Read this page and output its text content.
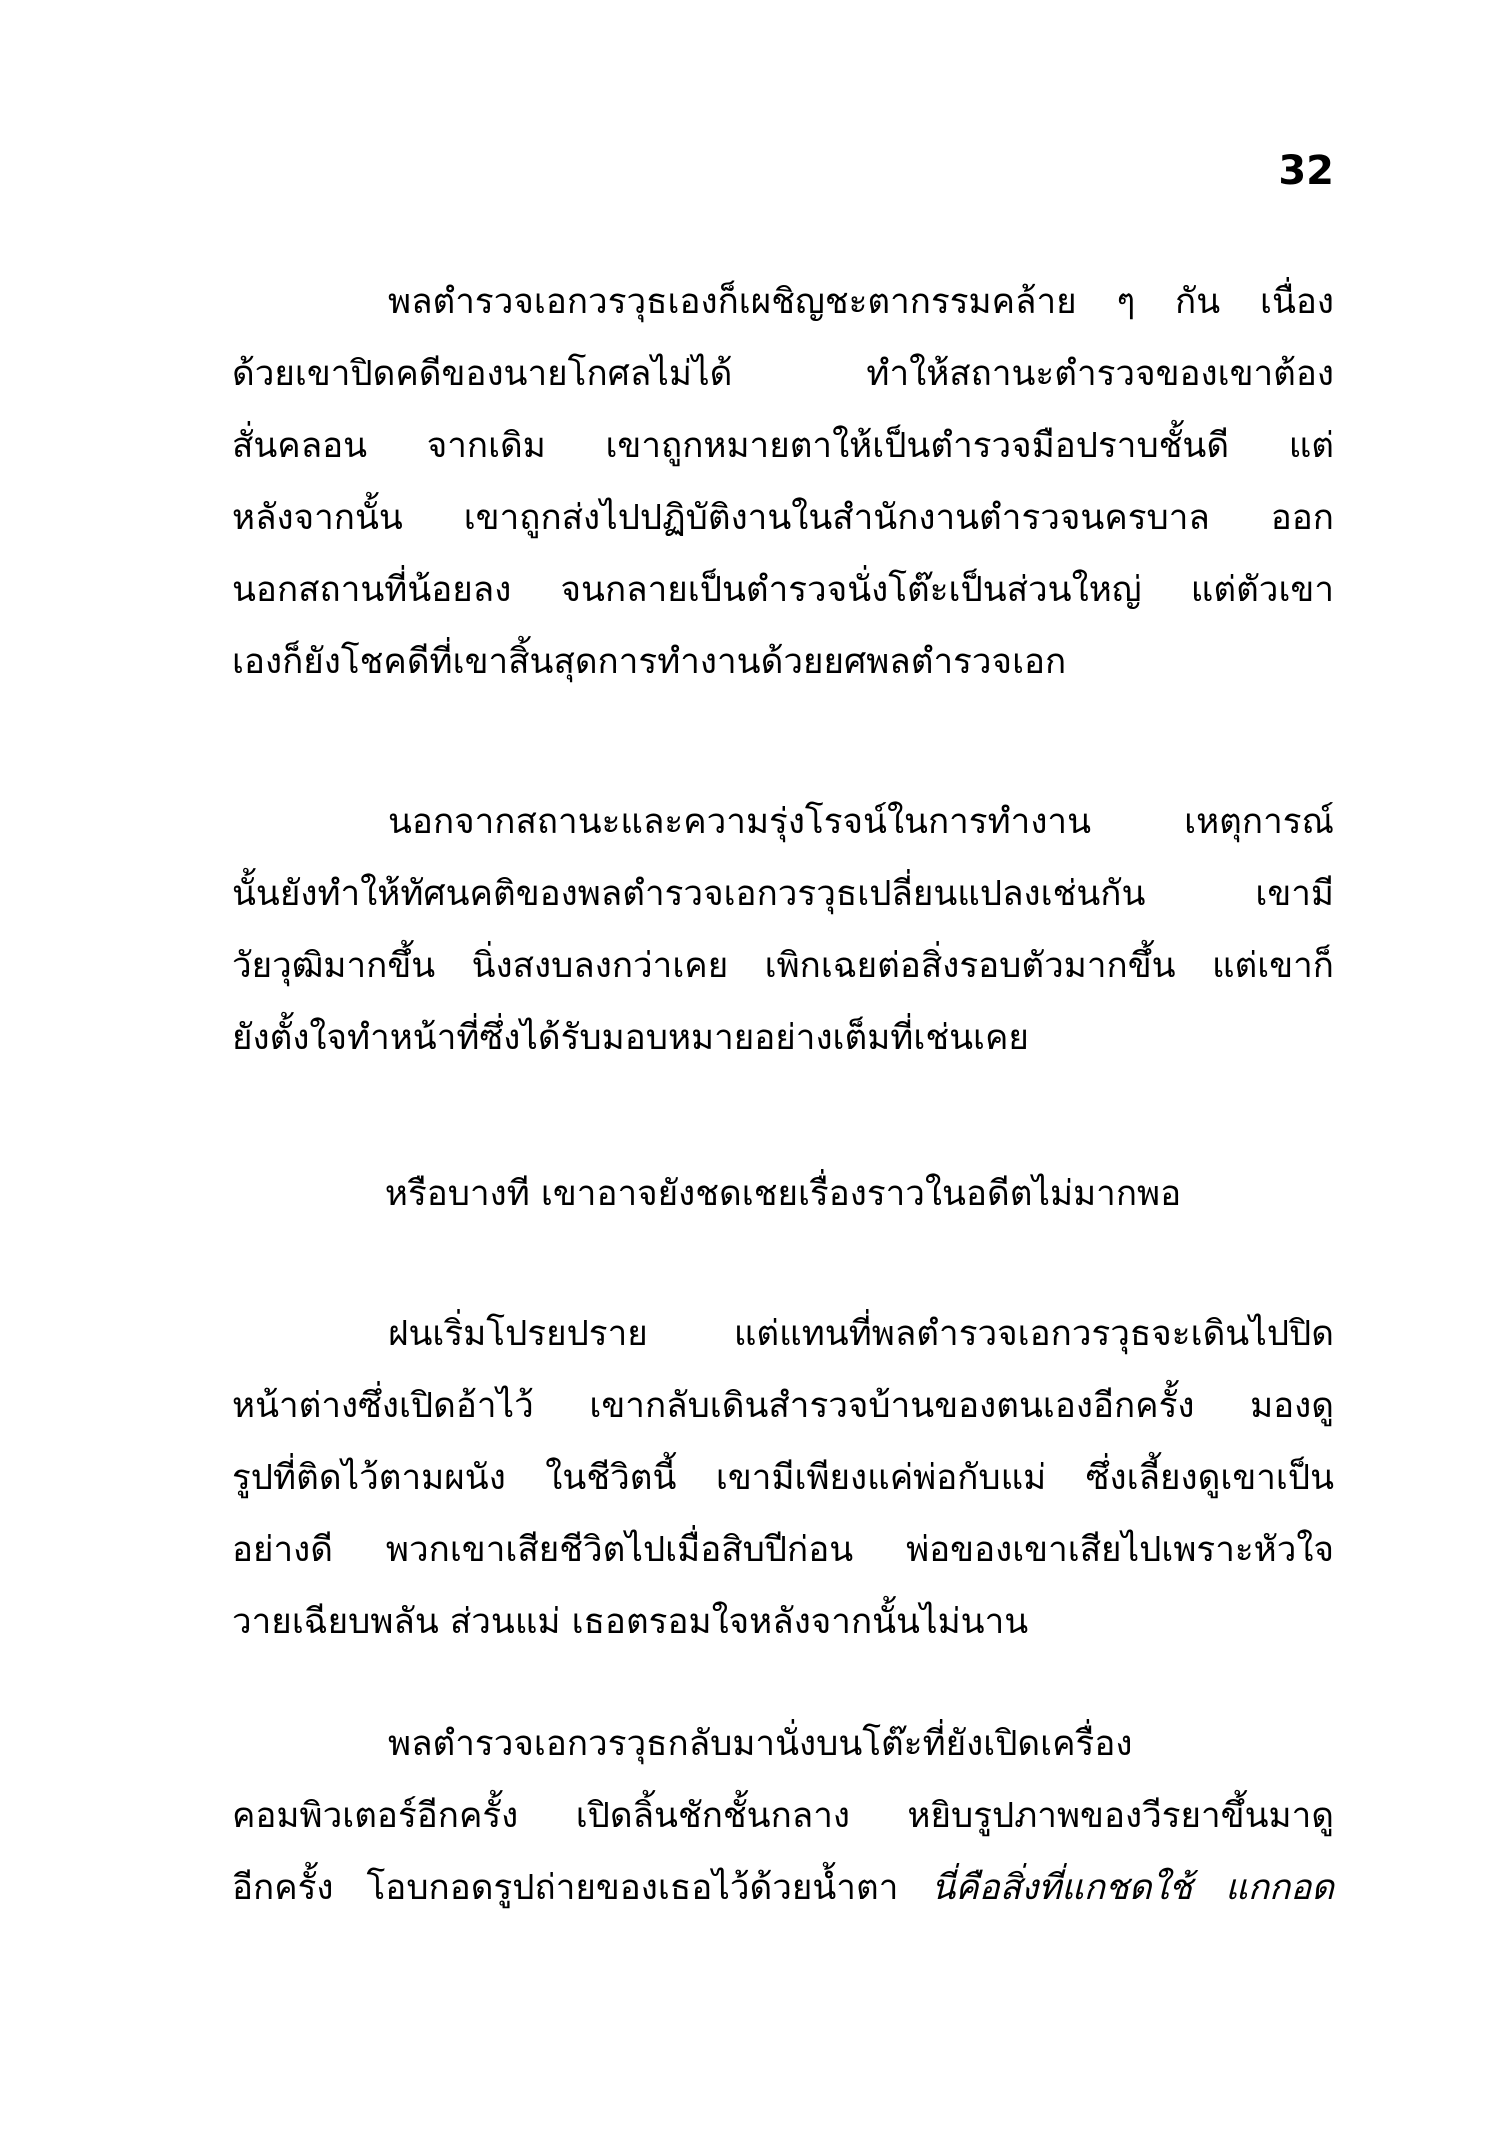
32
พลตำรวจเอกวรวุธเองก็เผชิญชะตากรรมคล้าย ๆ กัน เนื่อง
ด้วยเขาปิดคดีของนายโกศลไม่ได้ ทำให้สถานะตำรวจของเขาต้อง
สั่นคลอน จากเดิม เขาถูกหมายตาให้เป็นตำรวจมือปราบชั้นดี แต่
หลังจากนั้น เขาถูกส่งไปปฏิบัติงานในสำนักงานตำรวจนครบาล ออก
นอกสถานที่น้อยลง จนกลายเป็นตำรวจนั่งโต๊ะเป็นส่วนใหญ่ แต่ตัวเขา
เองก็ยังโชคดีที่เขาสิ้นสุดการทำงานด้วยยศพลตำรวจเอก
นอกจากสถานะและความรุ่งโรจน์ในการทำงาน เหตุการณ์
นั้นยังทำให้ทัศนคติของพลตำรวจเอกวรวุธเปลี่ยนแปลงเช่นกัน เขามี
วัยวุฒิมากขึ้น นิ่งสงบลงกว่าเคย เพิกเฉยต่อสิ่งรอบตัวมากขึ้น แต่เขาก็
ยังตั้งใจทำหน้าที่ซึ่งได้รับมอบหมายอย่างเต็มที่เช่นเคย
หรือบางที เขาอาจยังชดเชยเรื่องราวในอดีตไม่มากพอ
ฝนเริ่มโปรยปราย แต่แทนที่พลตำรวจเอกวรวุธจะเดินไปปิด
หน้าต่างซึ่งเปิดอ้าไว้ เขากลับเดินสำรวจบ้านของตนเองอีกครั้ง มองดู
รูปที่ติดไว้ตามผนัง ในชีวิตนี้ เขามีเพียงแค่พ่อกับแม่ ซึ่งเลี้ยงดูเขาเป็น
อย่างดี พวกเขาเสียชีวิตไปเมื่อสิบปีก่อน พ่อของเขาเสียไปเพราะหัวใจ
วายเฉียบพลัน ส่วนแม่ เธอตรอมใจหลังจากนั้นไม่นาน
พลตำรวจเอกวรวุธกลับมานั่งบนโต๊ะที่ยังเปิดเครื่อง
คอมพิวเตอร์อีกครั้ง เปิดลิ้นชักชั้นกลาง หยิบรูปภาพของวีรยาขึ้นมาดู
อีกครั้ง โอบกอดรูปถ่ายของเธอไว้ด้วยน้ำตา นี่คือสิ่งที่แกชดใช้ แกกอด
